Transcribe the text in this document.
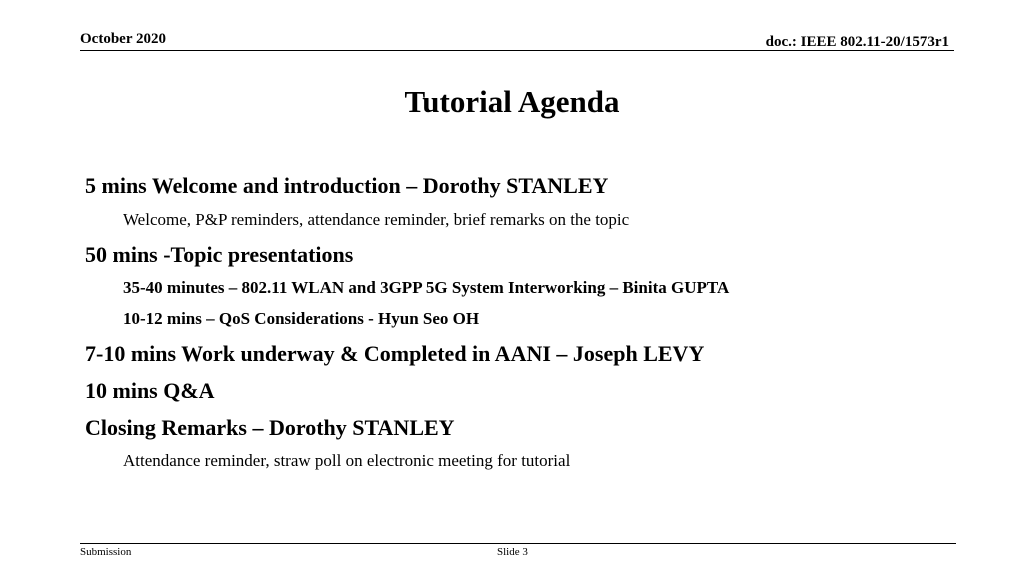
October 2020	doc.: IEEE 802.11-20/1573r1
Tutorial Agenda
5 mins Welcome and introduction – Dorothy STANLEY
Welcome, P&P reminders, attendance reminder, brief remarks on the topic
50 mins -Topic presentations
35-40 minutes – 802.11 WLAN and 3GPP 5G System Interworking – Binita GUPTA
10-12 mins – QoS Considerations - Hyun Seo OH
7-10 mins Work underway & Completed in AANI – Joseph LEVY
10 mins Q&A
Closing Remarks – Dorothy STANLEY
Attendance reminder, straw poll on electronic meeting for tutorial
Submission	Slide 3
